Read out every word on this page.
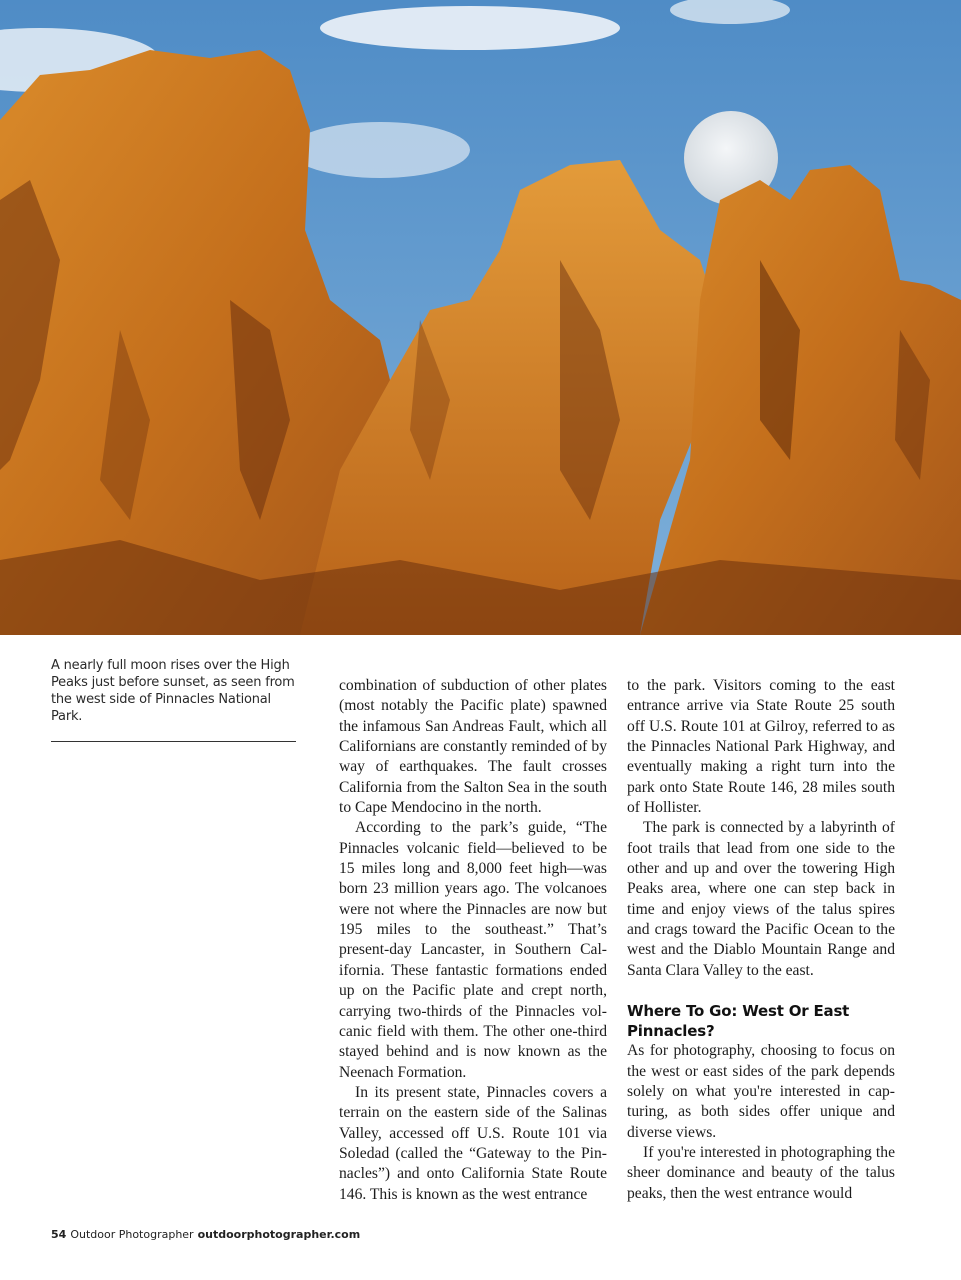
A nearly full moon rises over the High Peaks just before sunset, as seen from the west side of Pinnacles National Park.

combination of subduction of other plates (most notably the Pacific plate) spawned the infamous San Andreas Fault, which all Californians are constantly reminded of by way of earthquakes. The fault crosses California from the Salton Sea in the south to Cape Mendocino in the north.

According to the park’s guide, “The Pinnacles volcanic field—believed to be 15 miles long and 8,000 feet high—was born 23 million years ago. The volcanoes were not where the Pinnacles are now but 195 miles to the southeast.” That’s present-day Lancaster, in Southern California. These fantastic formations ended up on the Pacific plate and crept north, carrying two-thirds of the Pinnacles volcanic field with them. The other one-third stayed behind and is now known as the Neenach Formation.

In its present state, Pinnacles covers a terrain on the eastern side of the Salinas Valley, accessed off U.S. Route 101 via Soledad (called the “Gateway to the Pinnacles”) and onto California State Route 146. This is known as the west entrance

to the park. Visitors coming to the east entrance arrive via State Route 25 south off U.S. Route 101 at Gilroy, referred to as the Pinnacles National Park Highway, and eventually making a right turn into the park onto State Route 146, 28 miles south of Hollister.

The park is connected by a labyrinth of foot trails that lead from one side to the other and up and over the towering High Peaks area, where one can step back in time and enjoy views of the talus spires and crags toward the Pacific Ocean to the west and the Diablo Mountain Range and Santa Clara Valley to the east.

Where To Go: West Or East Pinnacles?

As for photography, choosing to focus on the west or east sides of the park depends solely on what you're interested in capturing, as both sides offer unique and diverse views.

If you're interested in photographing the sheer dominance and beauty of the talus peaks, then the west entrance would

54 Outdoor Photographer outdoorphotographer.com
